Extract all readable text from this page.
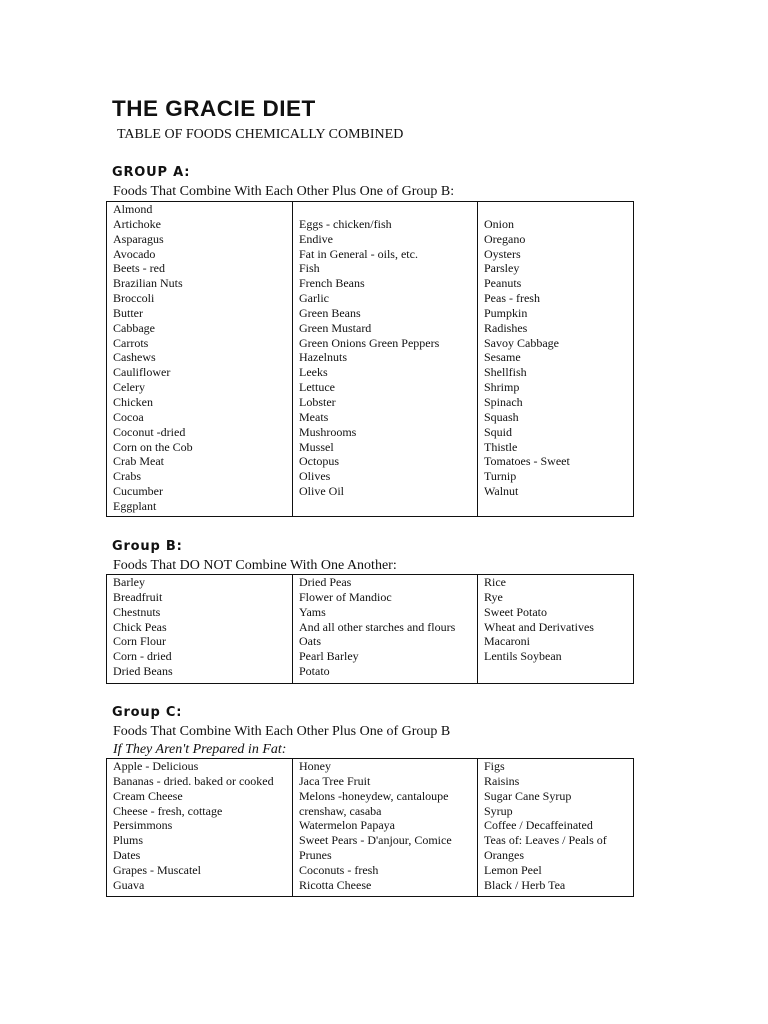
THE GRACIE DIET

TABLE OF FOODS CHEMICALLY COMBINED

GROUP A:

Foods That Combine With Each Other Plus One of Group B:

Almond
Artichoke
Asparagus
Avocado
Beets - red
Brazilian Nuts
Broccoli
Butter
Cabbage
Carrots
Cashews
Cauliflower
Celery
Chicken
Cocoa
Coconut -dried
Corn on the Cob
Crab Meat
Crabs
Cucumber
Eggplant

Eggs - chicken/fish
Endive
Fat in General - oils, etc.
Fish
French Beans
Garlic
Green Beans
Green Mustard
Green Onions Green Peppers
Hazelnuts
Leeks
Lettuce
Lobster
Meats
Mushrooms
Mussel
Octopus
Olives
Olive Oil

Onion
Oregano
Oysters
Parsley
Peanuts
Peas - fresh
Pumpkin
Radishes
Savoy Cabbage
Sesame
Shellfish
Shrimp
Spinach
Squash
Squid
Thistle
Tomatoes - Sweet
Turnip
Walnut
Group B:

Foods That DO NOT Combine With One Another:

Barley
Breadfruit
Chestnuts
Chick Peas
Corn Flour
Corn - dried
Dried Beans
Dried Peas
Flower of Mandioc
Yams
And all other starches and flours
Oats
Pearl Barley
Potato
Rice
Rye
Sweet Potato
Wheat and Derivatives
Macaroni
Lentils Soybean
Group C:

Foods That Combine With Each Other Plus One of Group B

If They Aren't Prepared in Fat:

Apple - Delicious
Bananas - dried. baked or cooked
Cream Cheese
Cheese - fresh, cottage
Persimmons
Plums
Dates
Grapes - Muscatel
Guava
Honey
Jaca Tree Fruit
Melons -honeydew, cantaloupe
crenshaw, casaba
Watermelon Papaya
Sweet Pears - D'anjour, Comice
Prunes
Coconuts - fresh
Ricotta Cheese
Figs
Raisins
Sugar Cane Syrup
Syrup
Coffee / Decaffeinated
Teas of: Leaves / Peals of
Oranges
Lemon Peel
Black / Herb Tea
